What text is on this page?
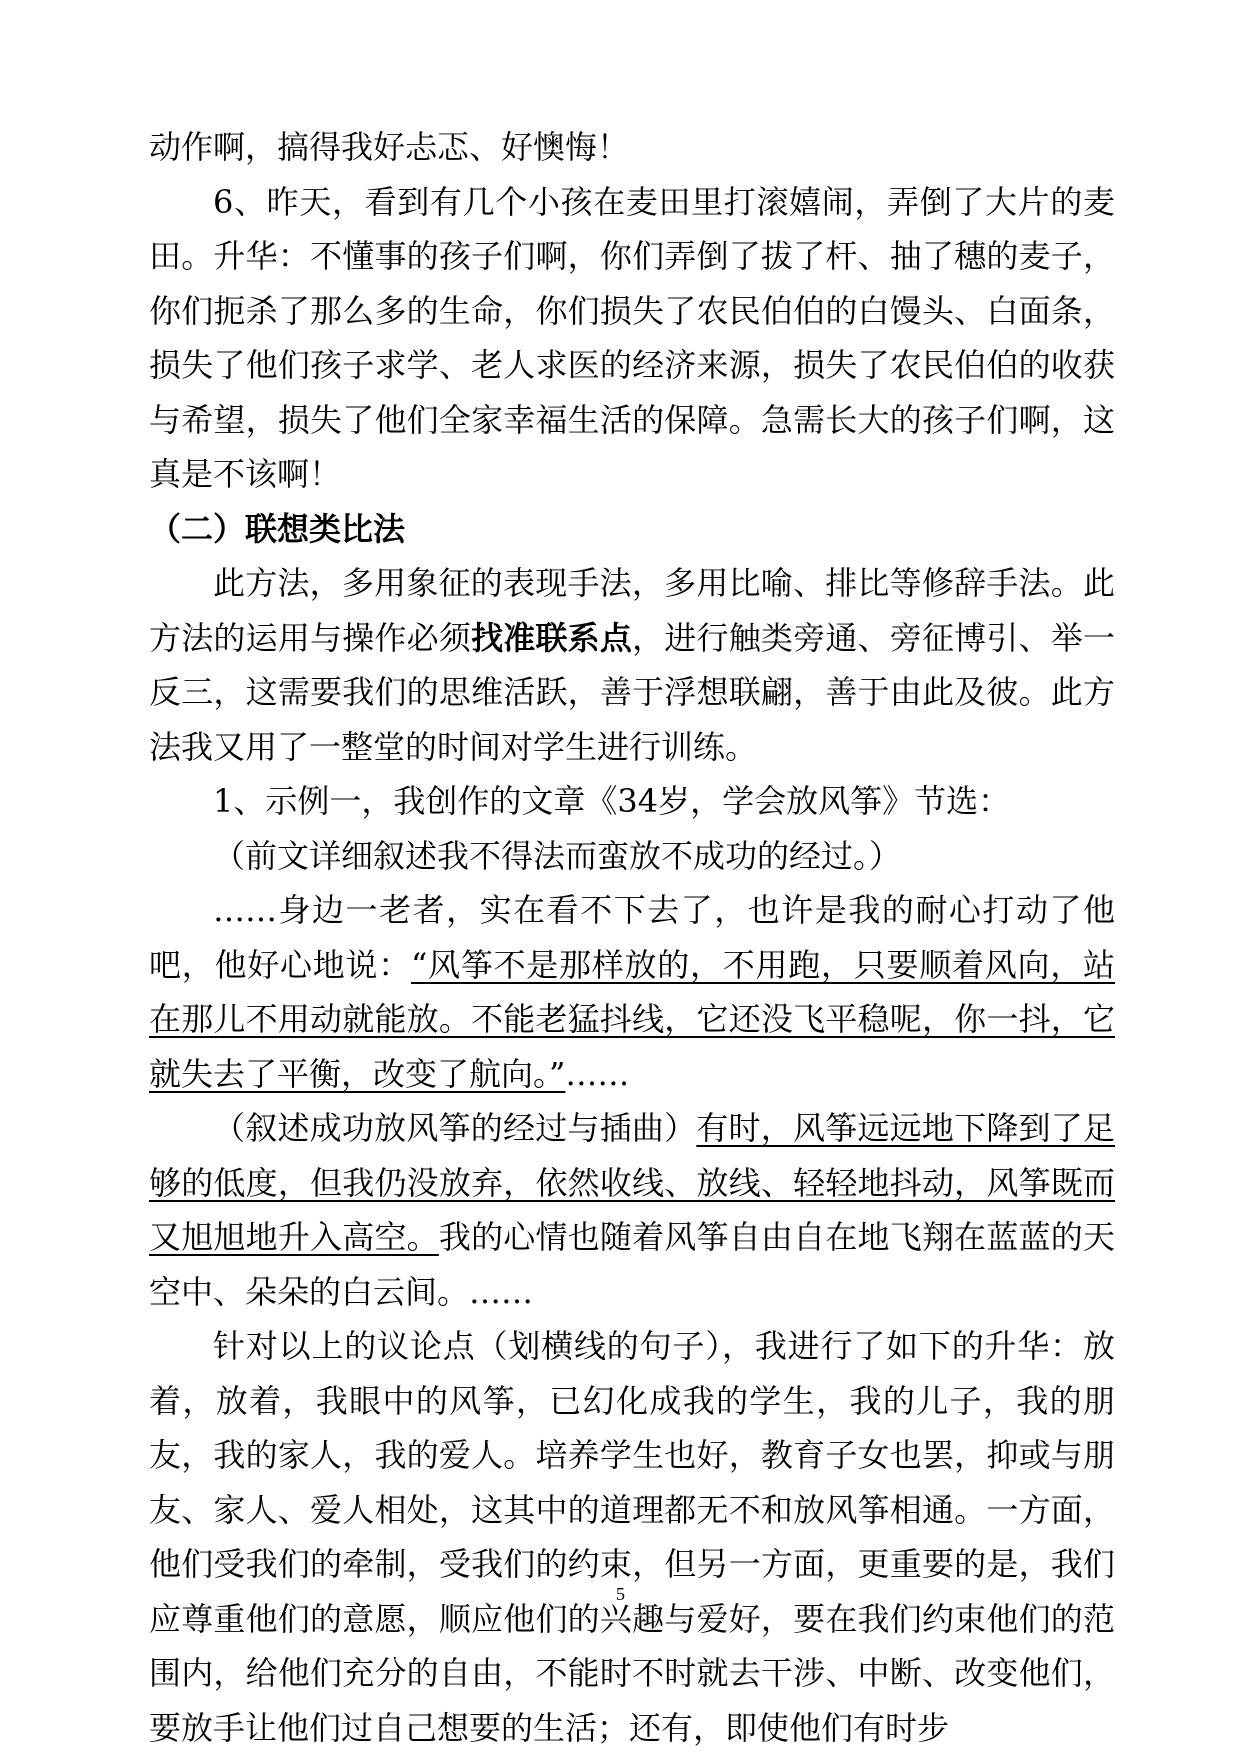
动作啊，搞得我好忐忑、好懊悔！

6、昨天，看到有几个小孩在麦田里打滚嬉闹，弄倒了大片的麦田。升华：不懂事的孩子们啊，你们弄倒了拔了杆、抽了穗的麦子，你们扼杀了那么多的生命，你们损失了农民伯伯的白馒头、白面条，损失了他们孩子求学、老人求医的经济来源，损失了农民伯伯的收获与希望，损失了他们全家幸福生活的保障。急需长大的孩子们啊，这真是不该啊！

（二）联想类比法

此方法，多用象征的表现手法，多用比喻、排比等修辞手法。此方法的运用与操作必须找准联系点，进行触类旁通、旁征博引、举一反三，这需要我们的思维活跃，善于浮想联翩，善于由此及彼。此方法我又用了一整堂的时间对学生进行训练。

1、示例一，我创作的文章《34岁，学会放风筝》节选：

（前文详细叙述我不得法而蛮放不成功的经过。）

……身边一老者，实在看不下去了，也许是我的耐心打动了他吧，他好心地说：“风筝不是那样放的，不用跑，只要顺着风向，站在那儿不用动就能放。不能老猛抖线，它还没飞平稳呢，你一抖，它就失去了平衡，改变了航向。”……

（叙述成功放风筝的经过与插曲）有时，风筝远远地下降到了足够的低度，但我仍没放弃，依然收线、放线、轻轻地抖动，风筝既而又旭旭地升入高空。我的心情也随着风筝自由自在地飞翔在蓝蓝的天空中、朵朵的白云间。……

针对以上的议论点（划横线的句子），我进行了如下的升华：放着，放着，我眼中的风筝，已幻化成我的学生，我的儿子，我的朋友，我的家人，我的爱人。培养学生也好，教育子女也罢，抑或与朋友、家人、爱人相处，这其中的道理都无不和放风筝相通。一方面，他们受我们的牵制，受我们的约束，但另一方面，更重要的是，我们应尊重他们的意愿，顺应他们的兴趣与爱好，要在我们约束他们的范围内，给他们充分的自由，不能时不时就去干涉、中断、改变他们，要放手让他们过自己想要的生活；还有，即使他们有时步

5
